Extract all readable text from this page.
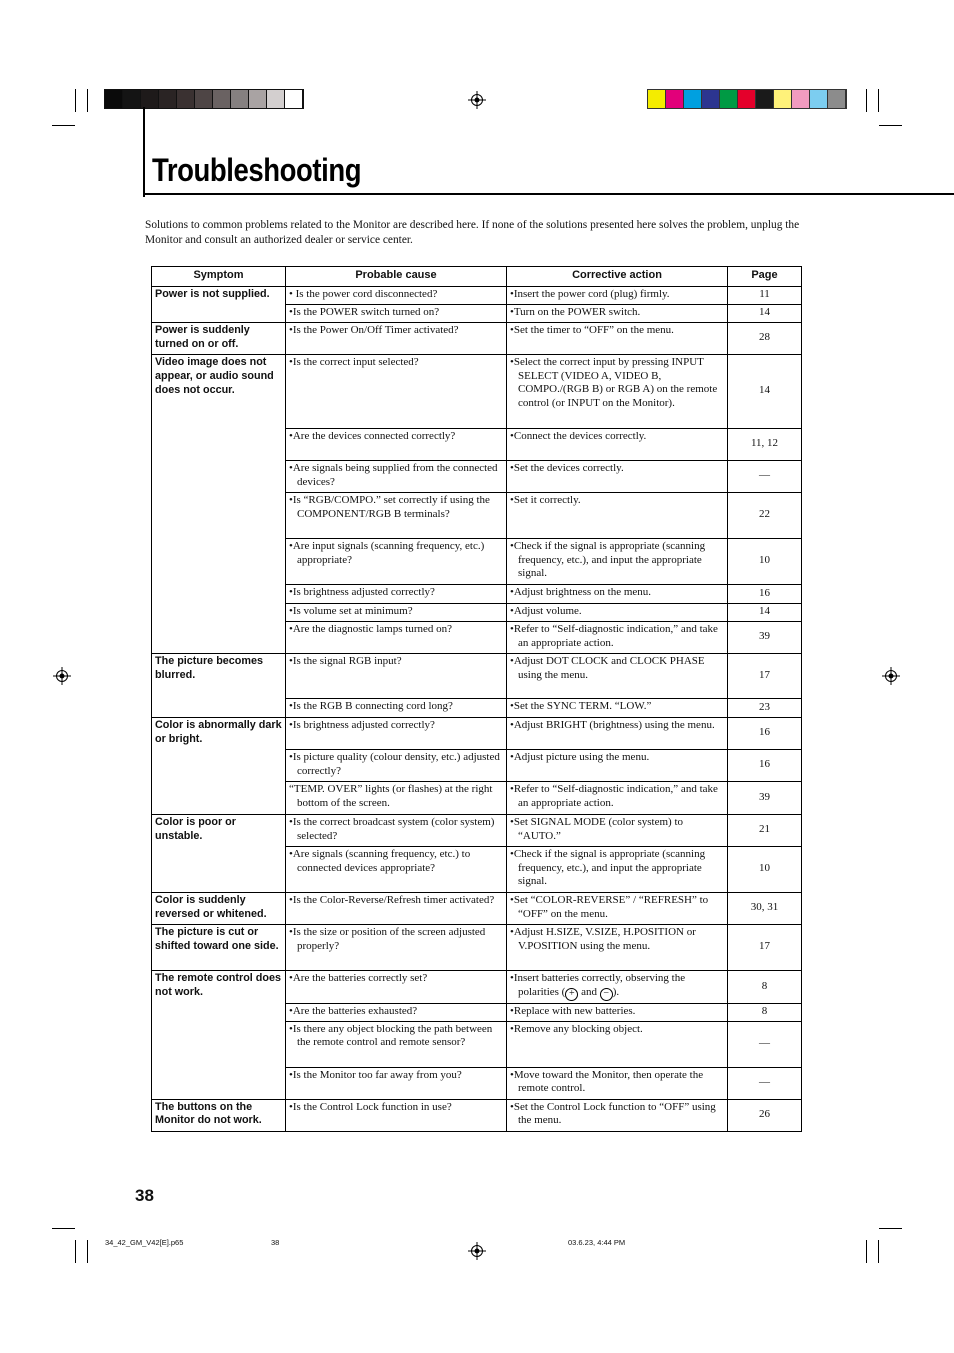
Troubleshooting
Solutions to common problems related to the Monitor are described here. If none of the solutions presented here solves the problem, unplug the Monitor and consult an authorized dealer or service center.
Symptom	Probable cause	Corrective action	Page
Power is not supplied.	• Is the power cord disconnected?	•Insert the power cord (plug) firmly.	11

	•Is the POWER switch turned on?	•Turn on the POWER switch.	14
Power is suddenly turned on or off.	•Is the Power On/Off Timer activated?	•Set the timer to “OFF” on the menu.	28
Video image does not appear, or audio sound does not occur.	•Is the correct input selected?	•Select the correct input by pressing INPUT SELECT (VIDEO A, VIDEO B, COMPO./(RGB B) or RGB A) on the remote control (or INPUT on the Monitor).	14

	•Are the devices connected correctly?	•Connect the devices correctly.	11, 12

	•Are signals being supplied from the connected devices?	•Set the devices correctly.	—

	•Is “RGB/COMPO.” set correctly if using the COMPONENT/RGB B terminals?	•Set it correctly.	22

	•Are input signals (scanning frequency, etc.) appropriate?	•Check if the signal is appropriate (scanning frequency, etc.), and input the appropriate signal.	10

	•Is brightness adjusted correctly?	•Adjust brightness on the menu.	16

	•Is volume set at minimum?	•Adjust volume.	14

	•Are the diagnostic lamps turned on?	•Refer to “Self-diagnostic indication,” and take an appropriate action.	39
The picture becomes blurred.	•Is the signal RGB input?	•Adjust DOT CLOCK and CLOCK PHASE using the menu.	17

	•Is the RGB B connecting cord long?	•Set the SYNC TERM. “LOW.”	23
Color is abnormally dark or bright.	•Is brightness adjusted correctly?	•Adjust BRIGHT (brightness) using the menu.	16

	•Is picture quality (colour density, etc.) adjusted correctly?	•Adjust picture using the menu.	16

	“TEMP. OVER” lights (or flashes) at the right bottom of the screen.	•Refer to “Self-diagnostic indication,” and take an appropriate action.	39
Color is poor or unstable.	•Is the correct broadcast system (color system) selected?	•Set SIGNAL MODE (color system) to “AUTO.”	21

	•Are signals (scanning frequency, etc.) to connected devices appropriate?	•Check if the signal is appropriate (scanning frequency, etc.), and input the appropriate signal.	10
Color is suddenly reversed or whitened.	•Is the Color-Reverse/Refresh timer activated?	•Set “COLOR-REVERSE” / “REFRESH” to “OFF” on the menu.	30, 31
The picture is cut or shifted toward one side.	•Is the size or position of the screen adjusted properly?	•Adjust H.SIZE, V.SIZE, H.POSITION or V.POSITION using the menu.	17
The remote control does not work.	•Are the batteries correctly set?	•Insert batteries correctly, observing the polarities ( + and − ).	8

	•Are the batteries exhausted?	•Replace with new batteries.	8

	•Is there any object blocking the path between the remote control and remote sensor?	•Remove any blocking object.	—

	•Is the Monitor too far away from you?	•Move toward the Monitor, then operate the remote control.	—
The buttons on the Monitor do not work.	•Is the Control Lock function in use?	•Set the Control Lock function to “OFF” using the menu.	26
38
34_42_GM_V42[E].p65	38	03.6.23, 4:44 PM
